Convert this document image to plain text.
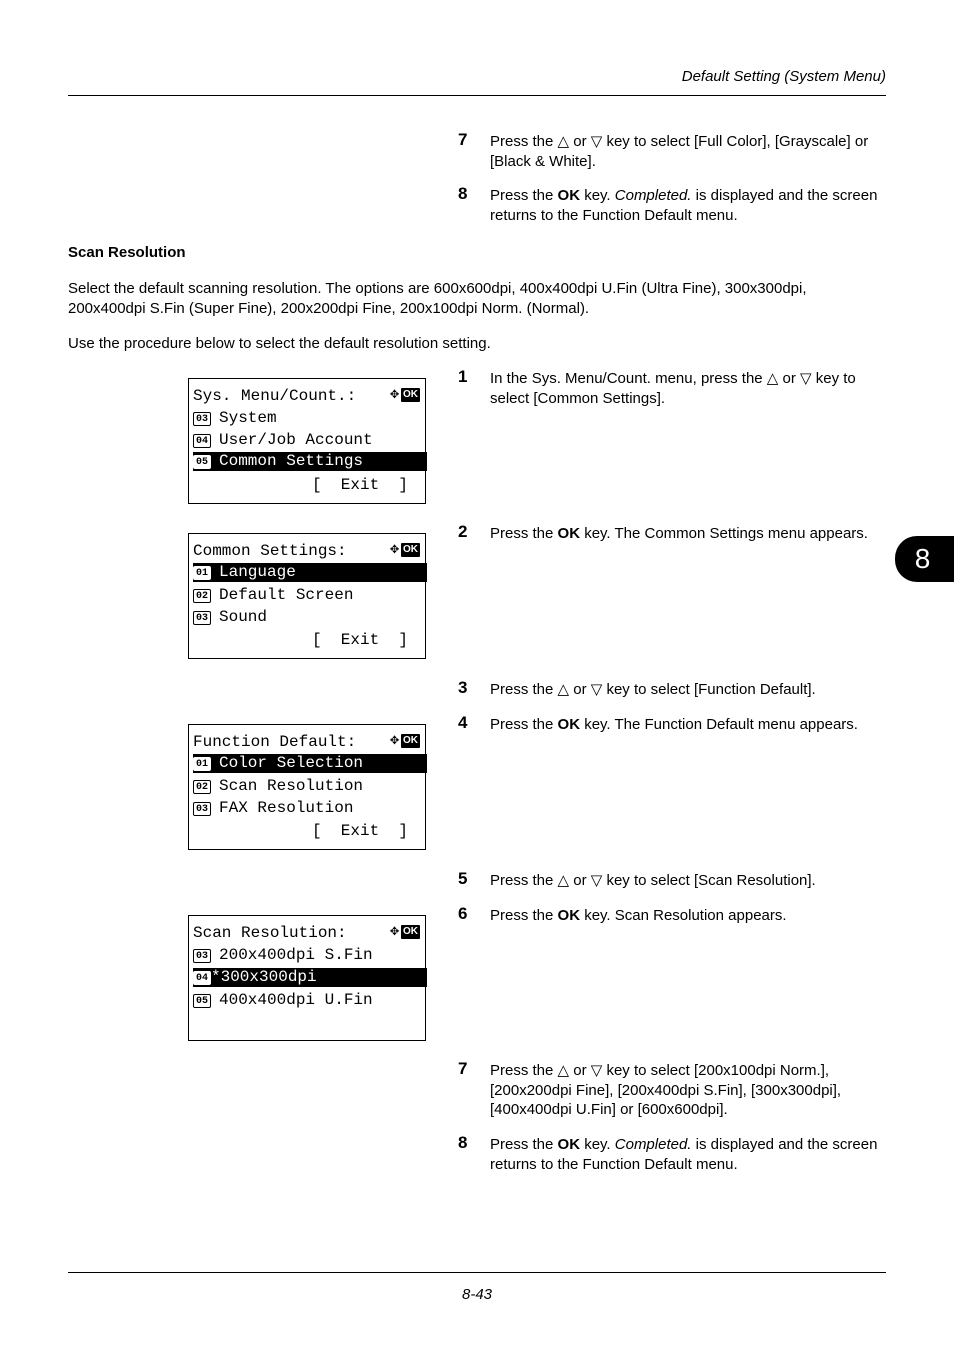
Default Setting (System Menu)
8
7 Press the △ or ▽ key to select [Full Color], [Grayscale] or [Black & White].
8 Press the OK key. Completed. is displayed and the screen returns to the Function Default menu.
Scan Resolution
Select the default scanning resolution. The options are 600x600dpi, 400x400dpi U.Fin (Ultra Fine), 300x300dpi, 200x400dpi S.Fin (Super Fine), 200x200dpi Fine, 200x100dpi Norm. (Normal).
Use the procedure below to select the default resolution setting.
1 In the Sys. Menu/Count. menu, press the △ or ▽ key to select [Common Settings].
2 Press the OK key. The Common Settings menu appears.
3 Press the △ or ▽ key to select [Function Default].
4 Press the OK key. The Function Default menu appears.
5 Press the △ or ▽ key to select [Scan Resolution].
6 Press the OK key. Scan Resolution appears.
7 Press the △ or ▽ key to select [200x100dpi Norm.], [200x200dpi Fine], [200x400dpi S.Fin], [300x300dpi], [400x400dpi U.Fin] or [600x600dpi].
8 Press the OK key. Completed. is displayed and the screen returns to the Function Default menu.
Sys. Menu/Count.: ✥ OK
03 System
04 User/Job Account
05 Common Settings
[  Exit  ]
Common Settings:	✥ OK
01 Language
02 Default Screen
03 Sound
[  Exit  ]
Function Default: ✥ OK
01 Color Selection
02 Scan Resolution
03 FAX Resolution
[  Exit  ]
Scan Resolution:	✥ OK
03 200x400dpi S.Fin
04 *300x300dpi
05 400x400dpi U.Fin
8-43
